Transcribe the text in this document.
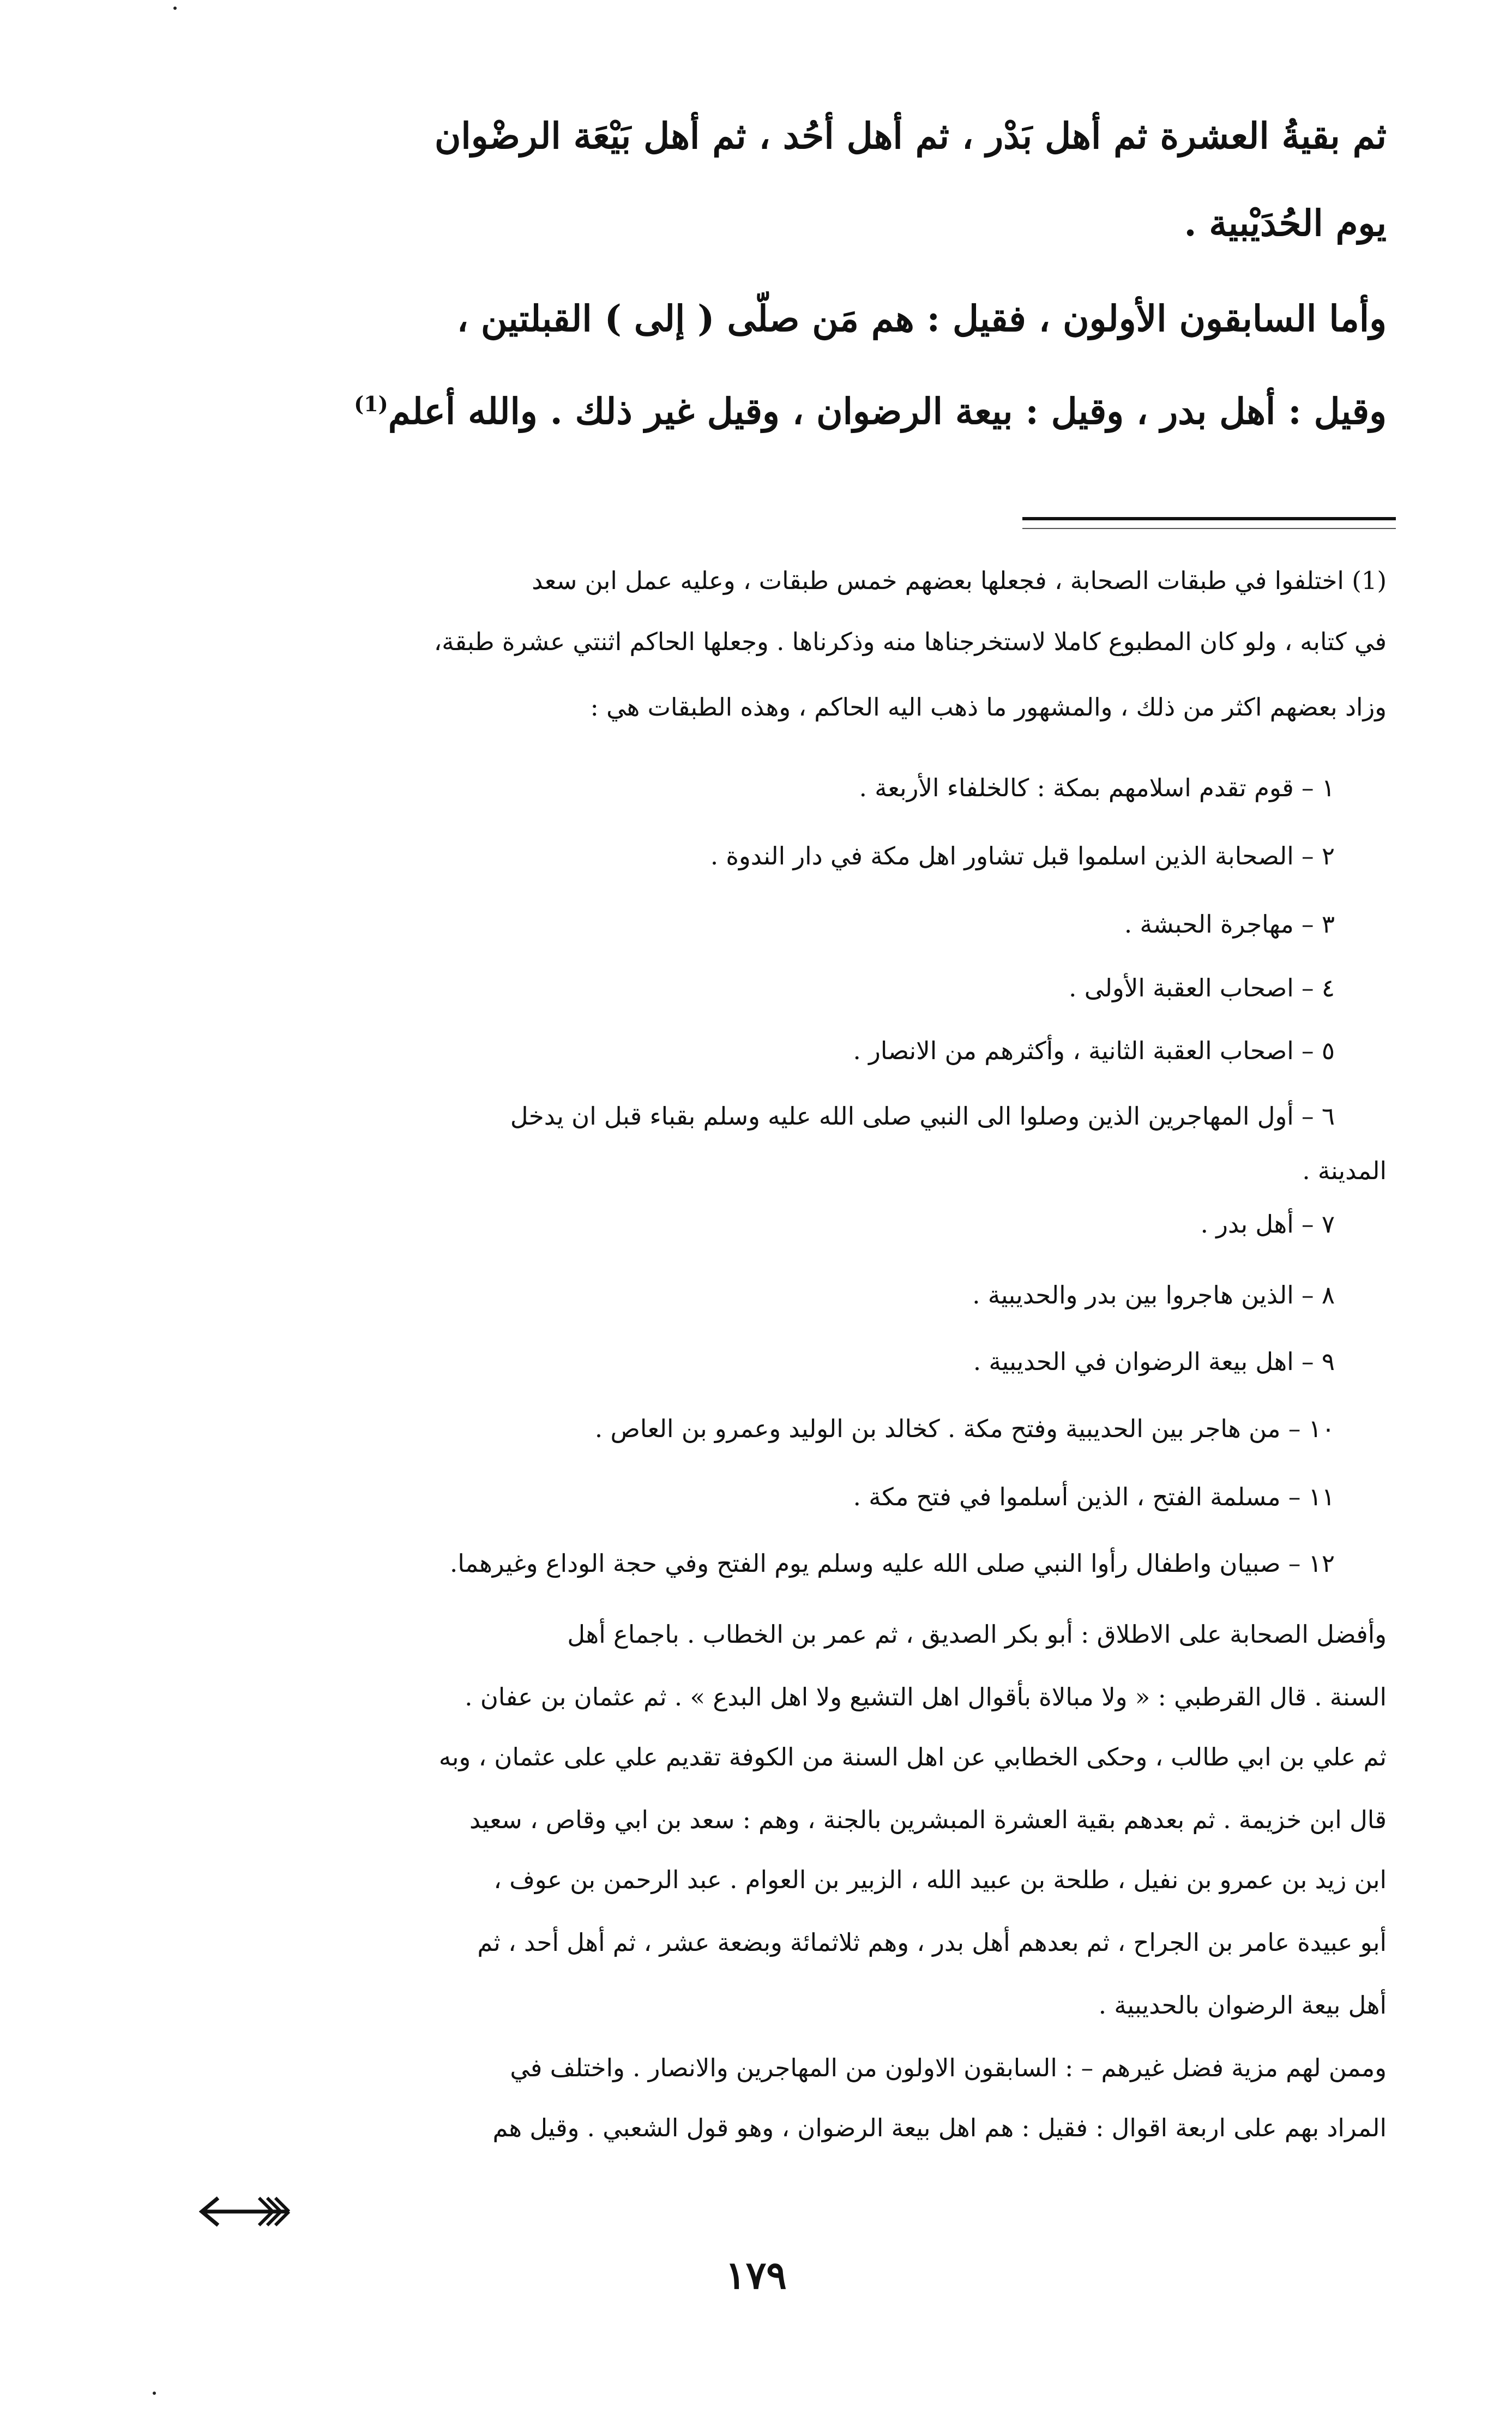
ثم بقيةُ العشرة ثم أهل بَدْر ، ثم أهل أحُد ، ثم أهل بَيْعَة الرضْوان
يوم الحُدَيْبية .
وأما السابقون الأولون ، فقيل : هم مَن صلّى ( إلى ) القبلتين ،
وقيل : أهل بدر ، وقيل : بيعة الرضوان ، وقيل غير ذلك . والله أعلم$^{(1)}$
(1) اختلفوا في طبقات الصحابة ، فجعلها بعضهم خمس طبقات ، وعليه عمل ابن سعد
في كتابه ، ولو كان المطبوع كاملا لاستخرجناها منه وذكرناها . وجعلها الحاكم اثنتي عشرة طبقة،
وزاد بعضهم اكثر من ذلك ، والمشهور ما ذهب اليه الحاكم ، وهذه الطبقات هي :
١ – قوم تقدم اسلامهم بمكة : كالخلفاء الأربعة .
٢ – الصحابة الذين اسلموا قبل تشاور اهل مكة في دار الندوة .
٣ – مهاجرة الحبشة .
٤ – اصحاب العقبة الأولى .
٥ – اصحاب العقبة الثانية ، وأكثرهم من الانصار .
٦ – أول المهاجرين الذين وصلوا الى النبي صلى الله عليه وسلم بقباء قبل ان يدخل
المدينة .
٧ – أهل بدر .
٨ – الذين هاجروا بين بدر والحديبية .
٩ – اهل بيعة الرضوان في الحديبية .
١٠ – من هاجر بين الحديبية وفتح مكة . كخالد بن الوليد وعمرو بن العاص .
١١ – مسلمة الفتح ، الذين أسلموا في فتح مكة .
١٢ – صبيان واطفال رأوا النبي صلى الله عليه وسلم يوم الفتح وفي حجة الوداع وغيرهما.
وأفضل الصحابة على الاطلاق : أبو بكر الصديق ، ثم عمر بن الخطاب . باجماع أهل
السنة . قال القرطبي : « ولا مبالاة بأقوال اهل التشيع ولا اهل البدع » . ثم عثمان بن عفان .
ثم علي بن ابي طالب ، وحكى الخطابي عن اهل السنة من الكوفة تقديم علي على عثمان ، وبه
قال ابن خزيمة . ثم بعدهم بقية العشرة المبشرين بالجنة ، وهم : سعد بن ابي وقاص ، سعيد
ابن زيد بن عمرو بن نفيل ، طلحة بن عبيد الله ، الزبير بن العوام . عبد الرحمن بن عوف ،
أبو عبيدة عامر بن الجراح ، ثم بعدهم أهل بدر ، وهم ثلاثمائة وبضعة عشر ، ثم أهل أحد ، ثم
أهل بيعة الرضوان بالحديبية .
وممن لهم مزية فضل غيرهم – : السابقون الاولون من المهاجرين والانصار . واختلف في
المراد بهم على اربعة اقوال : فقيل : هم اهل بيعة الرضوان ، وهو قول الشعبي . وقيل هم
١٧٩
